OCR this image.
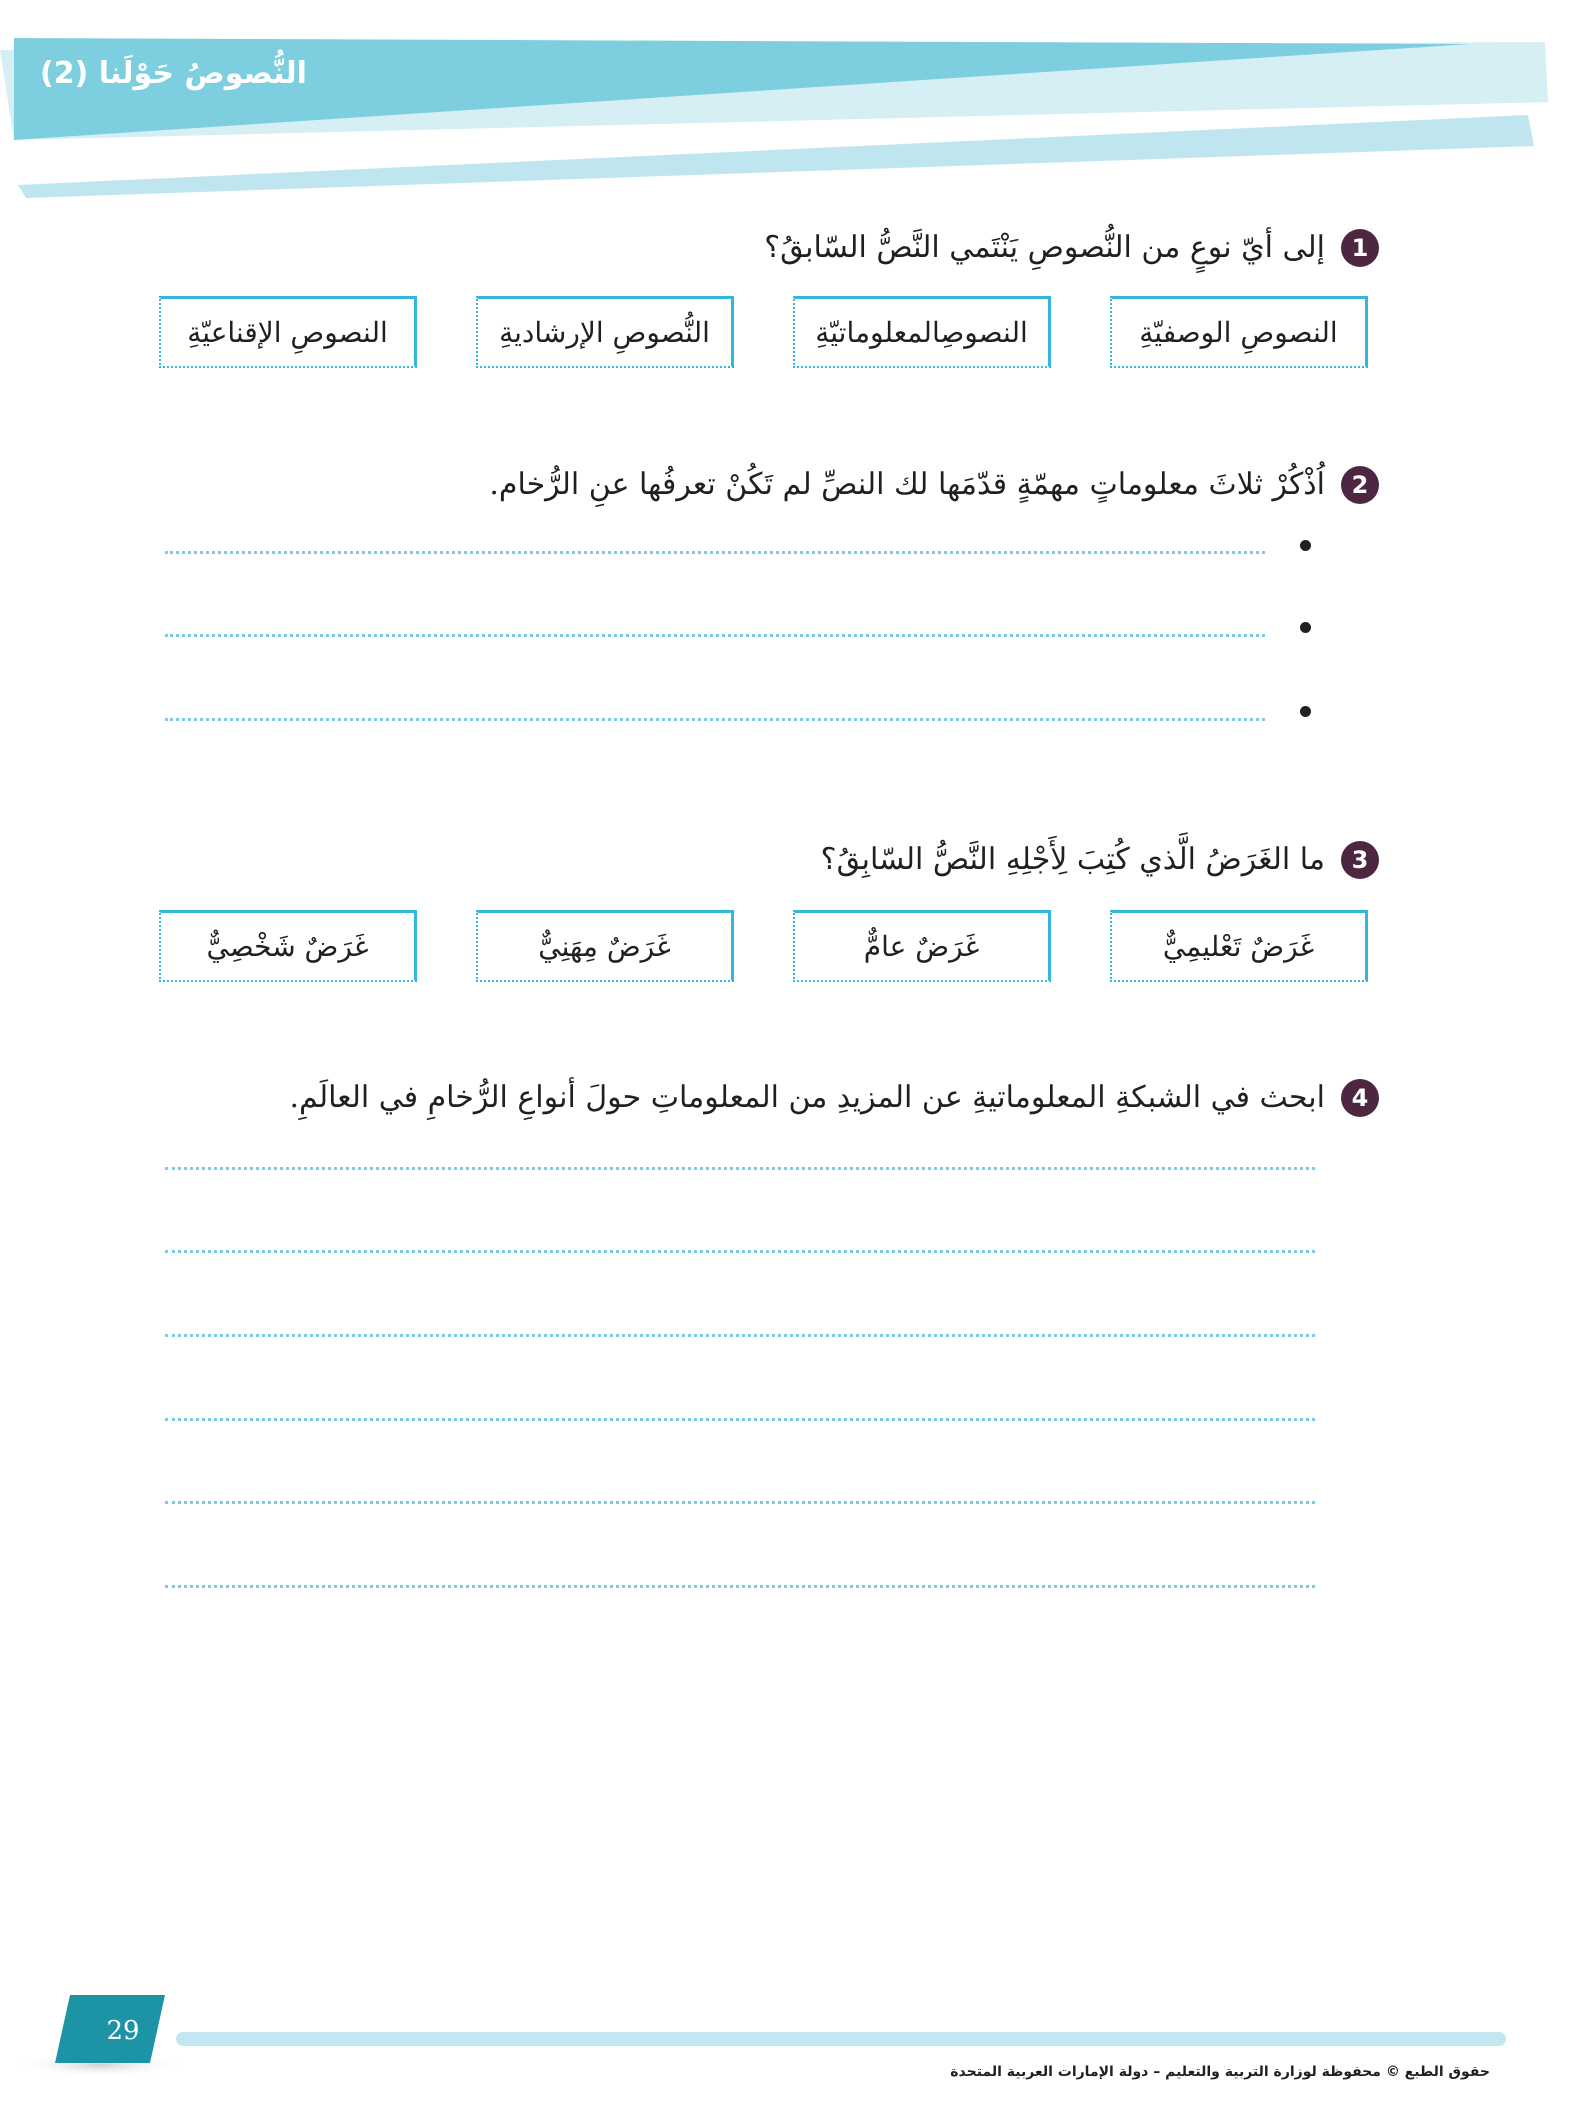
النُّصوصُ حَوْلَنا (2)
1
إلى أيّ نوعٍ من النُّصوصِ يَنْتَمي النَّصُّ السّابقُ؟
النصوصِ الوصفيّةِ
النصوصِالمعلوماتيّةِ
النُّصوصِ الإرشاديةِ
النصوصِ الإقناعيّةِ
2
اُذْكُرْ ثلاثَ معلوماتٍ مهمّةٍ قدّمَها لك النصِّ لم تَكُنْ تعرفُها عنِ الرُّخام.
3
ما الغَرَضُ الَّذي كُتِبَ لِأَجْلِهِ النَّصُّ السّابِقُ؟
غَرَضٌ تَعْليمِيٌّ
غَرَضٌ عامٌّ
غَرَضٌ مِهَنِيٌّ
غَرَضٌ شَخْصِيٌّ
4
ابحث في الشبكةِ المعلوماتيةِ عن المزيدِ من المعلوماتِ حولَ أنواعِ الرُّخامِ في العالَمِ.
29
حقوق الطبع © محفوظة لوزارة التربية والتعليم – دولة الإمارات العربية المتحدة
